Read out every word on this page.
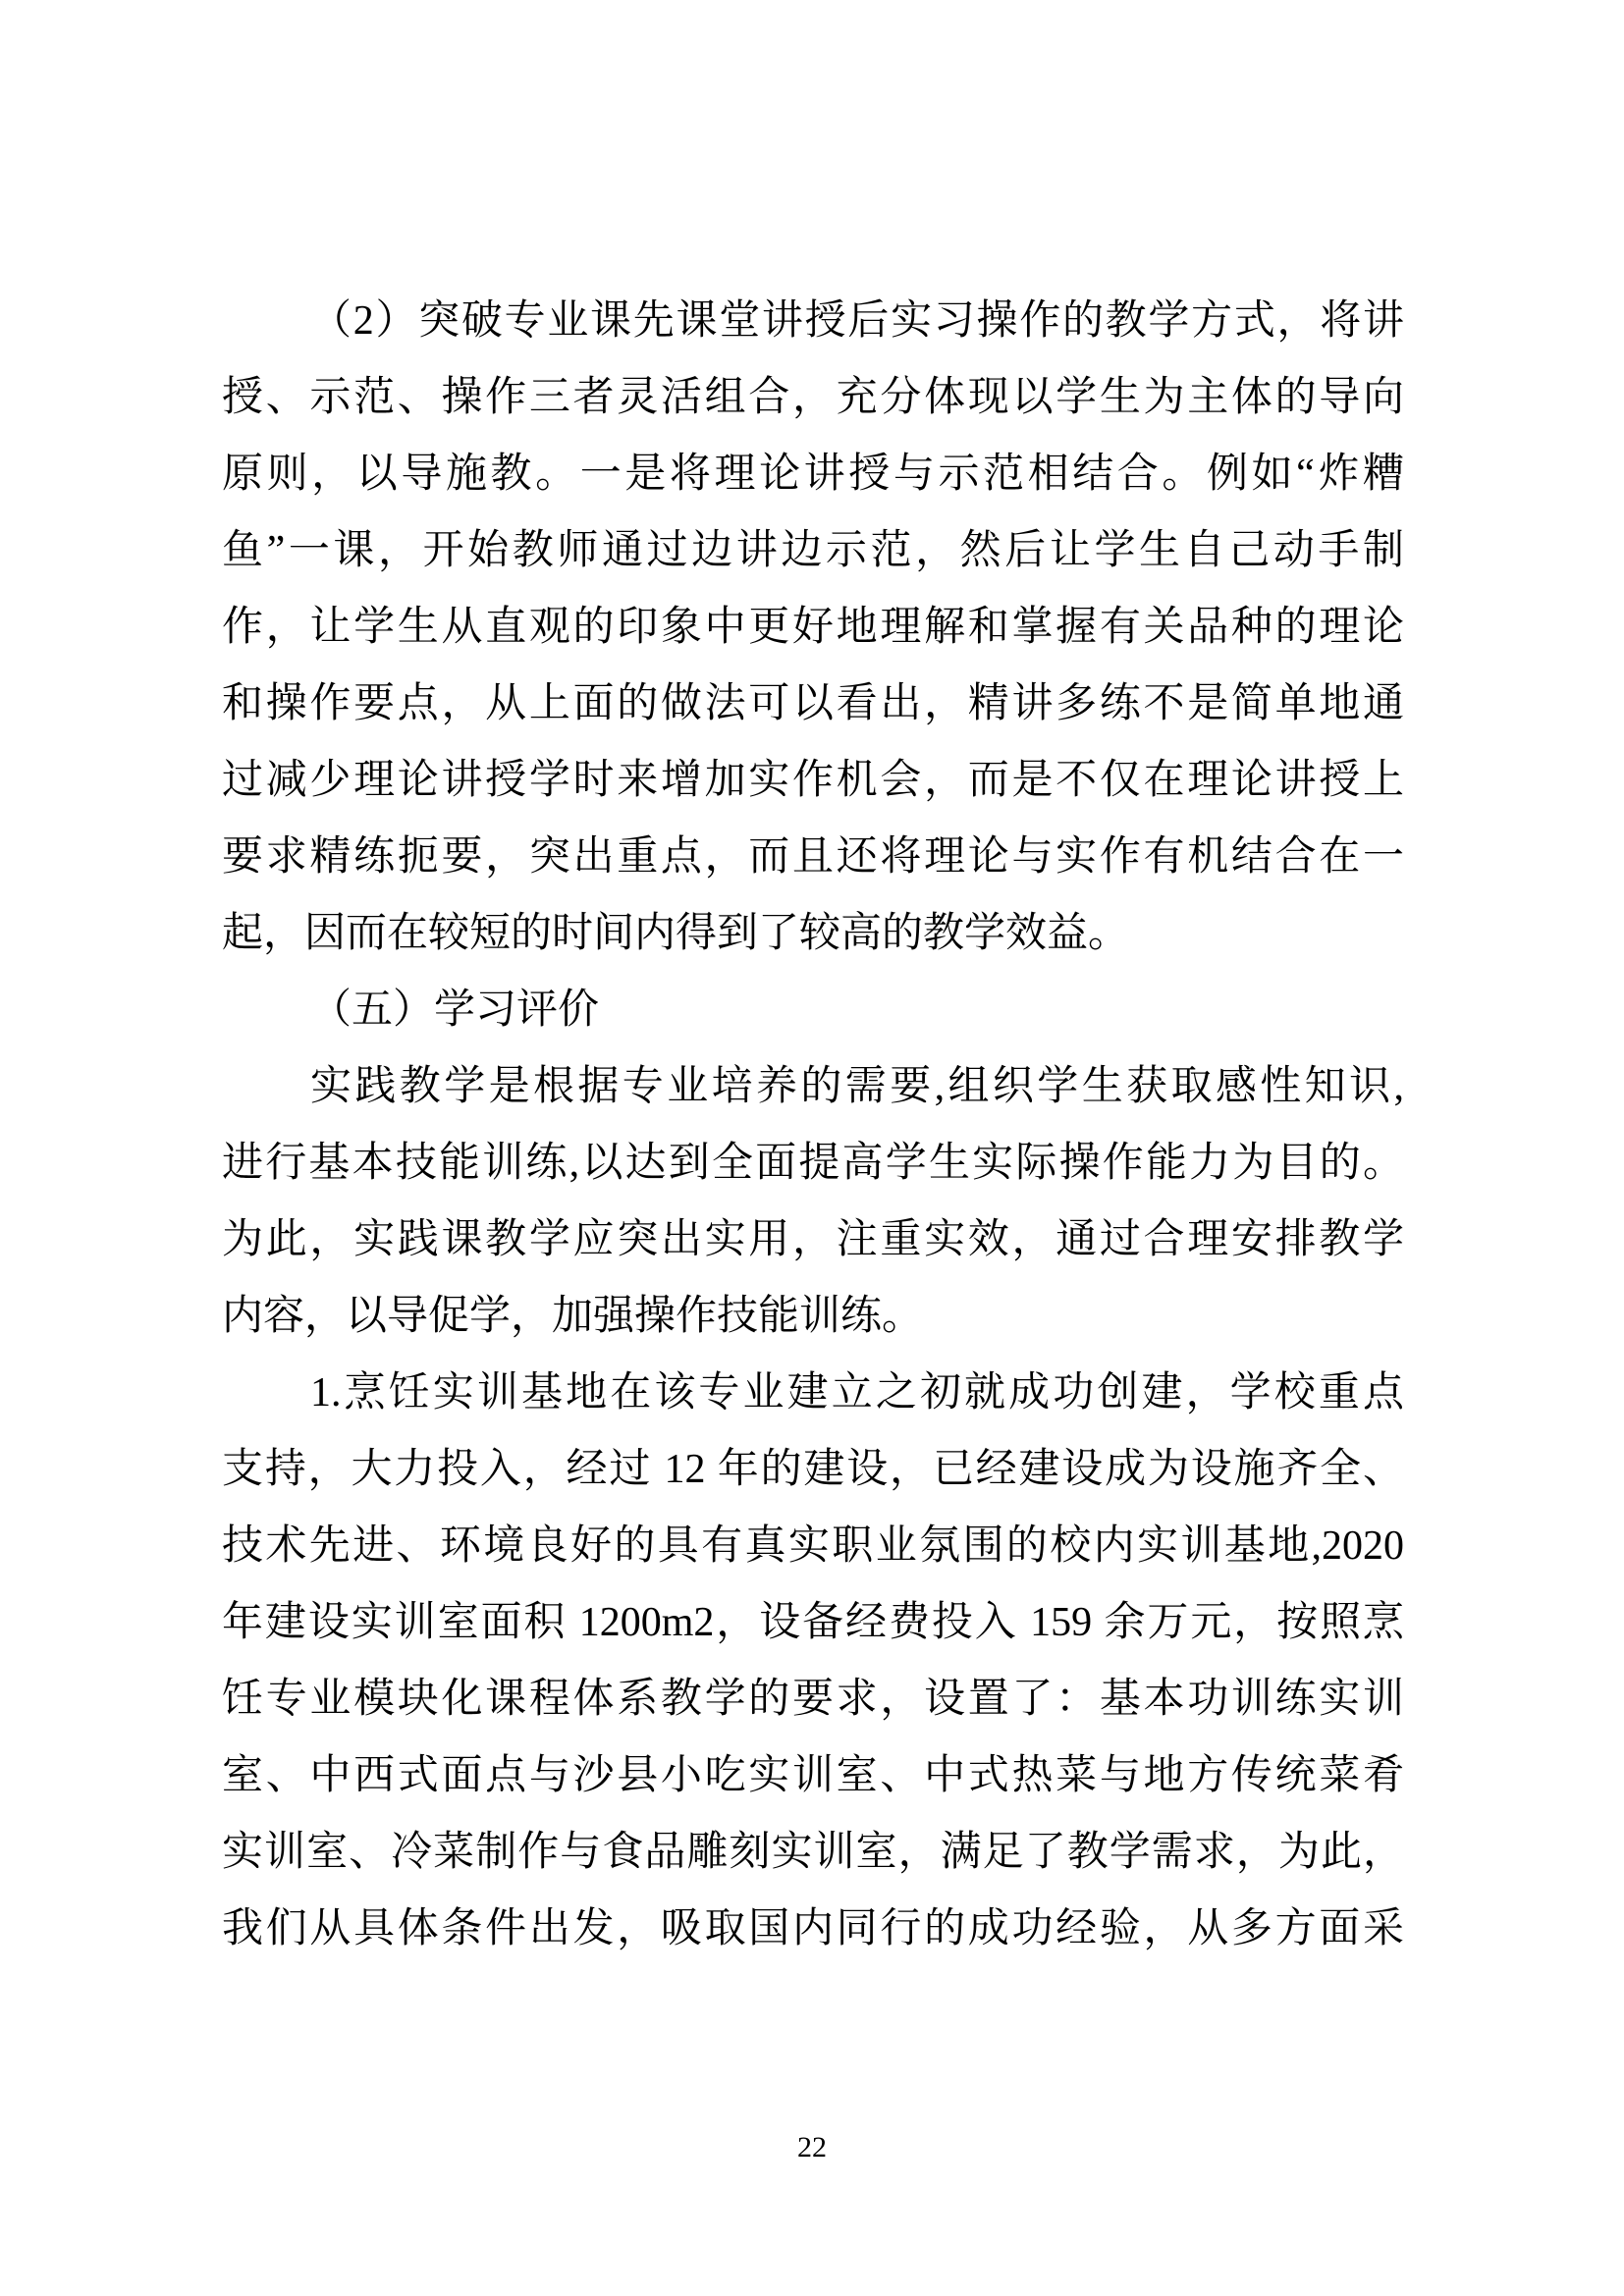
（2）突破专业课先课堂讲授后实习操作的教学方式，将讲
授、示范、操作三者灵活组合，充分体现以学生为主体的导向
原则，以导施教。一是将理论讲授与示范相结合。例如“炸糟
鱼”一课，开始教师通过边讲边示范，然后让学生自己动手制
作，让学生从直观的印象中更好地理解和掌握有关品种的理论
和操作要点，从上面的做法可以看出，精讲多练不是简单地通
过减少理论讲授学时来增加实作机会，而是不仅在理论讲授上
要求精练扼要，突出重点，而且还将理论与实作有机结合在一
起，因而在较短的时间内得到了较高的教学效益。
（五）学习评价
实践教学是根据专业培养的需要,组织学生获取感性知识,
进行基本技能训练,以达到全面提高学生实际操作能力为目的。
为此，实践课教学应突出实用，注重实效，通过合理安排教学
内容，以导促学，加强操作技能训练。
1.烹饪实训基地在该专业建立之初就成功创建，学校重点
支持，大力投入，经过 12 年的建设，已经建设成为设施齐全、
技术先进、环境良好的具有真实职业氛围的校内实训基地,2020
年建设实训室面积 1200m2，设备经费投入 159 余万元，按照烹
饪专业模块化课程体系教学的要求，设置了：基本功训练实训
室、中西式面点与沙县小吃实训室、中式热菜与地方传统菜肴
实训室、冷菜制作与食品雕刻实训室，满足了教学需求，为此，
我们从具体条件出发，吸取国内同行的成功经验，从多方面采
22
